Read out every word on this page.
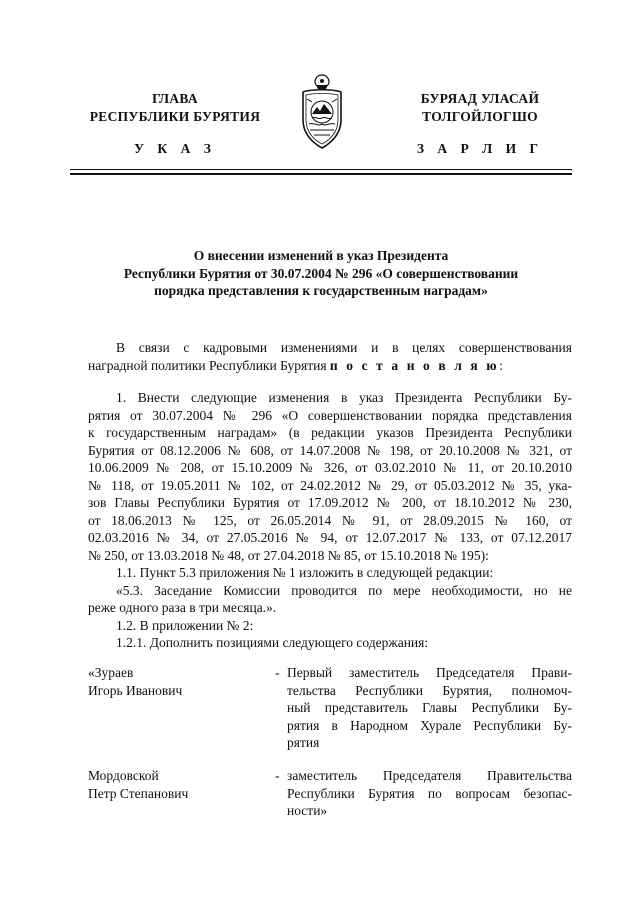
ГЛАВА
РЕСПУБЛИКИ БУРЯТИЯ
БУРЯАД УЛАСАЙ
ТОЛГОЙЛОГШО
У К А З	З А Р Л И Г
О внесении изменений в указ Президента
Республики Бурятия от 30.07.2004 № 296 «О совершенствовании
порядка представления к государственным наградам»
В связи с кадровыми изменениями и в целях совершенствования
наградной политики Республики Бурятия п о с т а н о в л я ю:
1. Внести следующие изменения в указ Президента Республики Бу-
рятия от 30.07.2004 № 296 «О совершенствовании порядка представления
к государственным наградам» (в редакции указов Президента Республики
Бурятия от 08.12.2006 № 608, от 14.07.2008 № 198, от 20.10.2008 № 321, от
10.06.2009 № 208, от 15.10.2009 № 326, от 03.02.2010 № 11, от 20.10.2010
№ 118, от 19.05.2011 № 102, от 24.02.2012 № 29, от 05.03.2012 № 35, ука-
зов Главы Республики Бурятия от 17.09.2012 № 200, от 18.10.2012 № 230,
от 18.06.2013 № 125, от 26.05.2014 № 91, от 28.09.2015 № 160, от
02.03.2016 № 34, от 27.05.2016 № 94, от 12.07.2017 № 133, от 07.12.2017
№ 250, от 13.03.2018 № 48, от 27.04.2018 № 85, от 15.10.2018 № 195):
1.1. Пункт 5.3 приложения № 1 изложить в следующей редакции:
«5.3. Заседание Комиссии проводится по мере необходимости, но не
реже одного раза в три месяца.».
1.2. В приложении № 2:
1.2.1. Дополнить позициями следующего содержания:
«Зураев
Игорь Иванович
- Первый заместитель Председателя Прави-
тельства Республики Бурятия, полномоч-
ный представитель Главы Республики Бу-
рятия в Народном Хурале Республики Бу-
рятия
Мордовской
Петр Степанович
- заместитель Председателя Правительства
Республики Бурятия по вопросам безопас-
ности»
